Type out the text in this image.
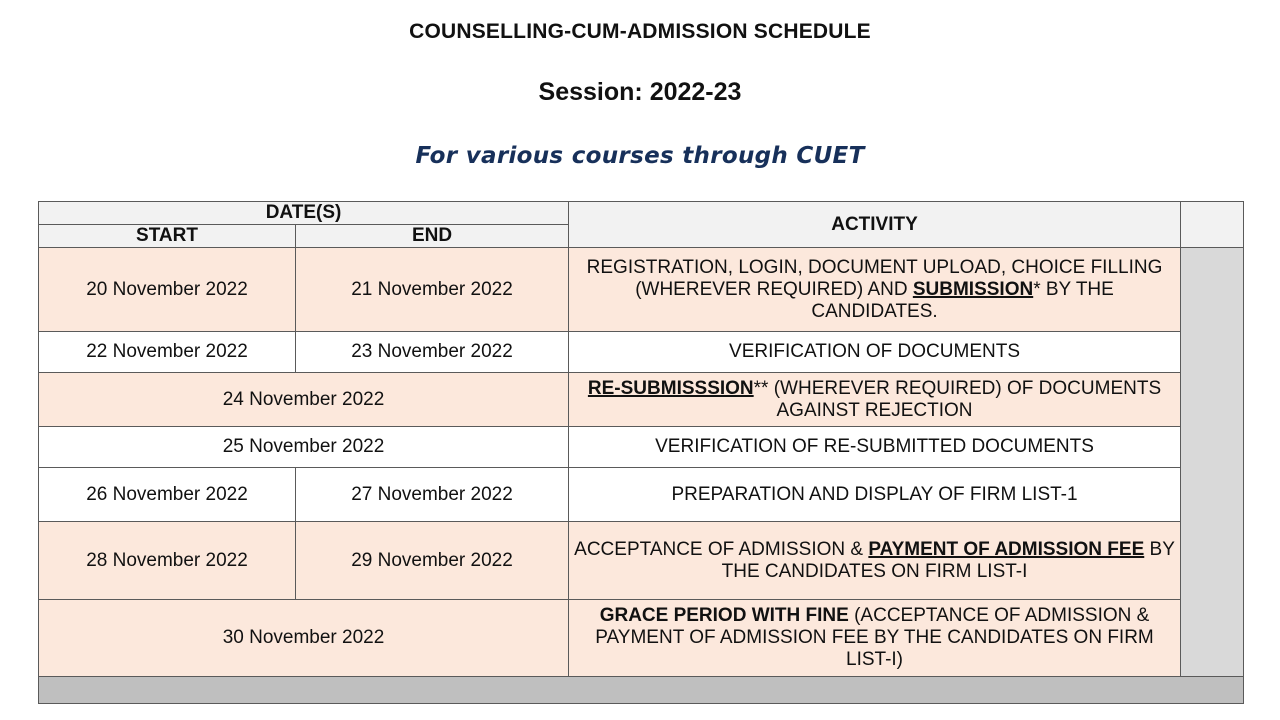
COUNSELLING-CUM-ADMISSION SCHEDULE
Session: 2022-23
For various courses through CUET
DATE(S)		ACTIVITY	
START	END		
20 November 2022	21 November 2022	REGISTRATION, LOGIN, DOCUMENT UPLOAD, CHOICE FILLING (WHEREVER REQUIRED) AND SUBMISSION* BY THE CANDIDATES.	
22 November 2022	23 November 2022	VERIFICATION OF DOCUMENTS	
24 November 2022		RE-SUBMISSSION** (WHEREVER REQUIRED) OF DOCUMENTS AGAINST REJECTION	
25 November 2022		VERIFICATION OF RE-SUBMITTED DOCUMENTS	
26 November 2022	27 November 2022	PREPARATION AND DISPLAY OF FIRM LIST-1	
28 November 2022	29 November 2022	ACCEPTANCE OF ADMISSION & PAYMENT OF ADMISSION FEE BY THE CANDIDATES ON FIRM LIST-I	
30 November 2022		GRACE PERIOD WITH FINE (ACCEPTANCE OF ADMISSION & PAYMENT OF ADMISSION FEE BY THE CANDIDATES ON FIRM LIST-I)	
